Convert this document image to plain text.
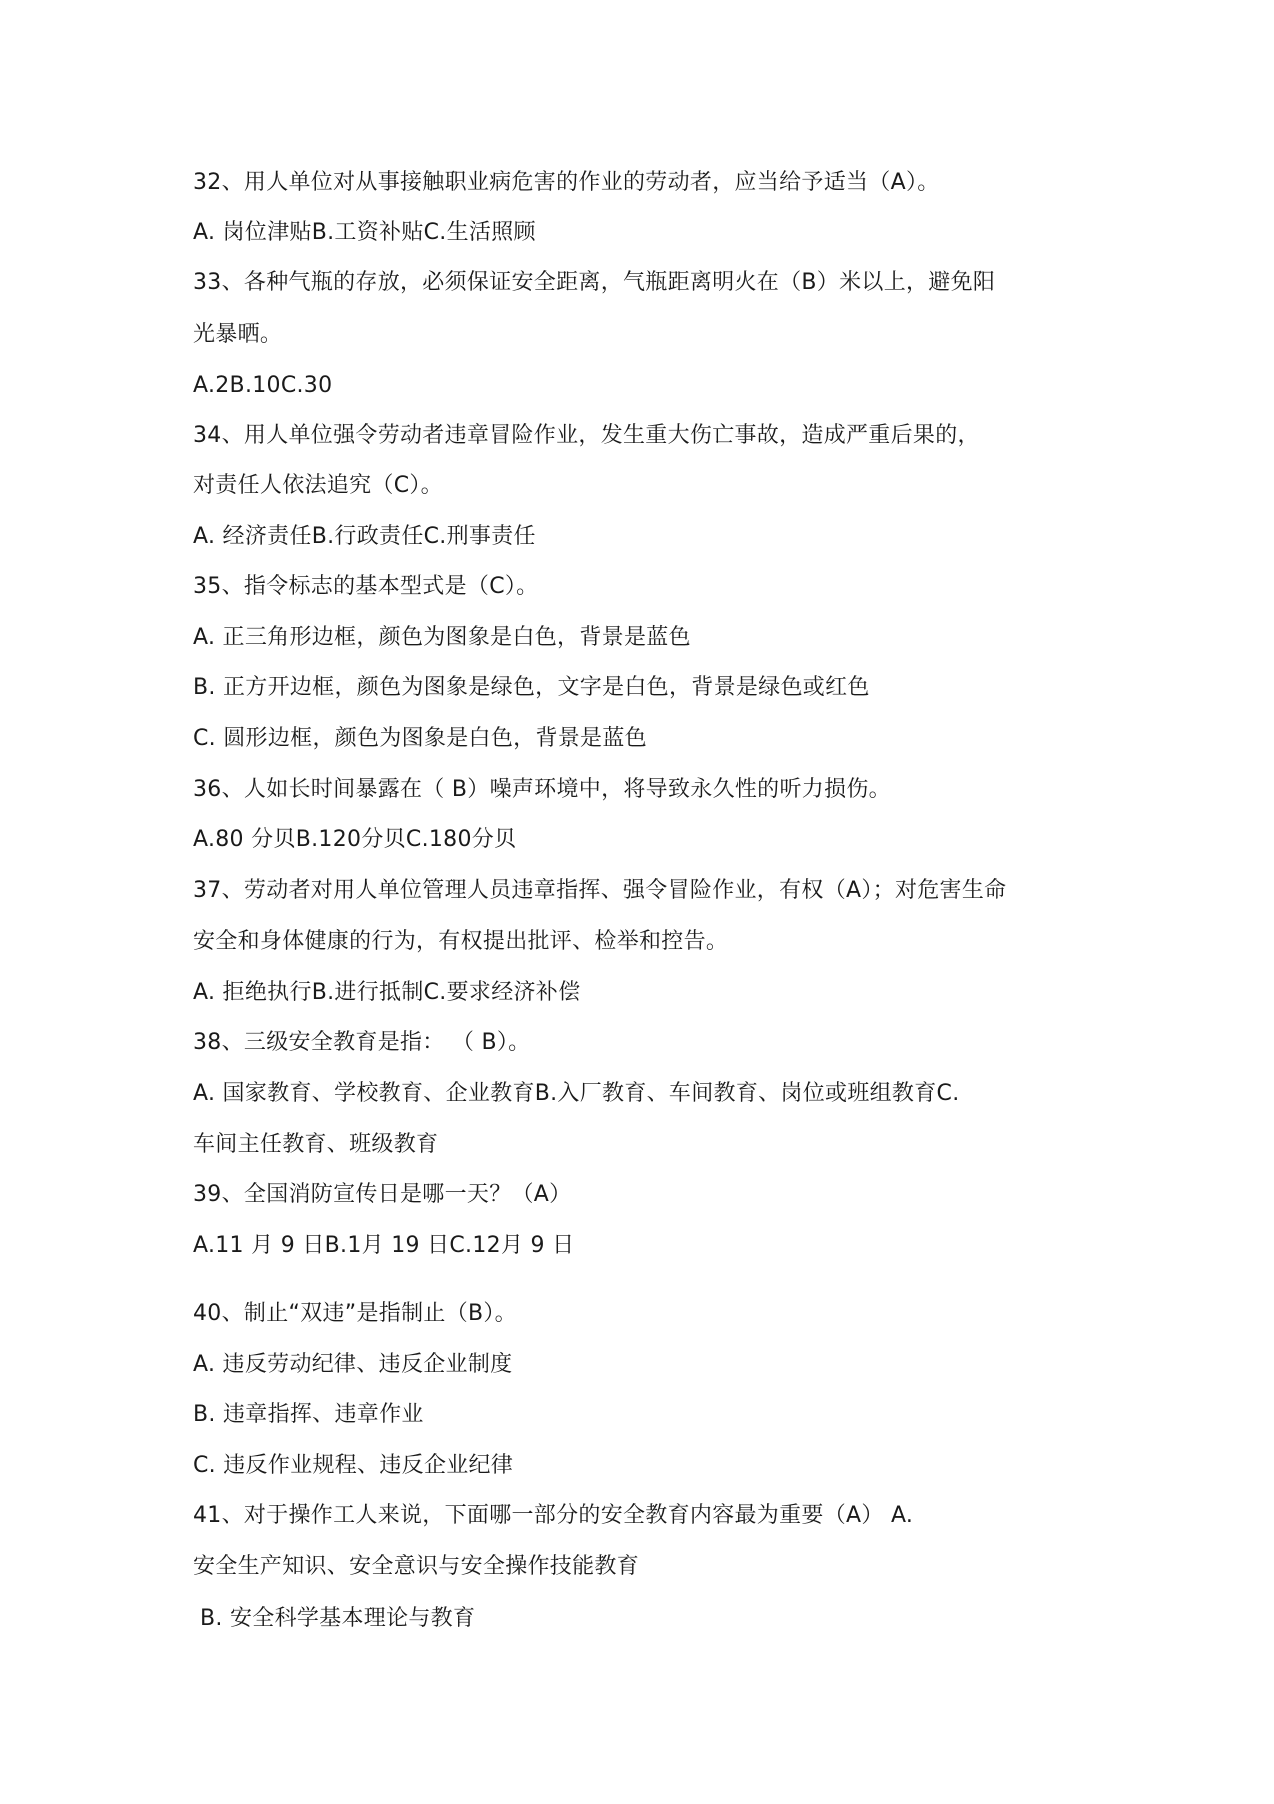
32、用人单位对从事接触职业病危害的作业的劳动者，应当给予适当（A）。
A. 岗位津贴B.工资补贴C.生活照顾
33、各种气瓶的存放，必须保证安全距离，气瓶距离明火在（B）米以上，避免阳
光暴晒。
A.2B.10C.30
34、用人单位强令劳动者违章冒险作业，发生重大伤亡事故，造成严重后果的，
对责任人依法追究（C）。
A. 经济责任B.行政责任C.刑事责任
35、指令标志的基本型式是（C）。
A. 正三角形边框，颜色为图象是白色，背景是蓝色
B. 正方开边框，颜色为图象是绿色，文字是白色，背景是绿色或红色
C. 圆形边框，颜色为图象是白色，背景是蓝色
36、人如长时间暴露在（ B）噪声环境中，将导致永久性的听力损伤。
A.80 分贝B.120分贝C.180分贝
37、劳动者对用人单位管理人员违章指挥、强令冒险作业，有权（A）；对危害生命
安全和身体健康的行为，有权提出批评、检举和控告。
A. 拒绝执行B.进行抵制C.要求经济补偿
38、三级安全教育是指： （ B）。
A. 国家教育、学校教育、企业教育B.入厂教育、车间教育、岗位或班组教育C.
车间主任教育、班级教育
39、全国消防宣传日是哪一天？（A）
A.11 月 9 日B.1月 19 日C.12月 9 日
40、制止“双违”是指制止（B）。
A. 违反劳动纪律、违反企业制度
B. 违章指挥、违章作业
C. 违反作业规程、违反企业纪律
41、对于操作工人来说，下面哪一部分的安全教育内容最为重要（A） A.
安全生产知识、安全意识与安全操作技能教育
B. 安全科学基本理论与教育
